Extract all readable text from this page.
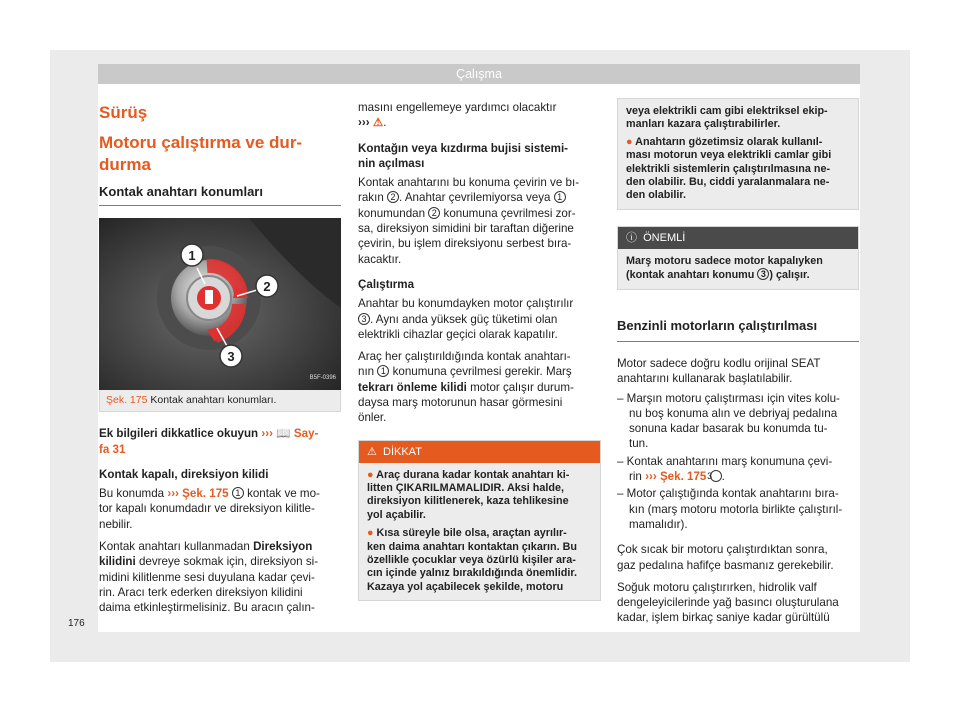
Çalışma
Sürüş
Motoru çalıştırma ve dur-
durma
Kontak anahtarı konumları
1
2
3
B5F-0396
Şek. 175 Kontak anahtarı konumları.

Ek bilgileri dikkatlice okuyun ››› 📖 Say-
fa 31

Kontak kapalı, direksiyon kilidi

Bu konumda ››› Şek. 175 1 kontak ve mo-
tor kapalı konumdadır ve direksiyon kilitle-
nebilir.

Kontak anahtarı kullanmadan Direksiyon
kilidini devreye sokmak için, direksiyon si-
midini kilitlenme sesi duyulana kadar çevi-
rin. Aracı terk ederken direksiyon kilidini
daima etkinleştirmelisiniz. Bu aracın çalın-

masını engellemeye yardımcı olacaktır
››› ⚠.

Kontağın veya kızdırma bujisi sistemi-
nin açılması

Kontak anahtarını bu konuma çevirin ve bı-
rakın 2 . Anahtar çevrilemiyorsa veya 1
konumundan 2 konumuna çevrilmesi zor-
sa, direksiyon simidini bir taraftan diğerine
çevirin, bu işlem direksiyonu serbest bıra-
kacaktır.

Çalıştırma

Anahtar bu konumdayken motor çalıştırılır
3 . Aynı anda yüksek güç tüketimi olan
elektrikli cihazlar geçici olarak kapatılır.

Araç her çalıştırıldığında kontak anahtarı-
nın 1 konumuna çevrilmesi gerekir. Marş
tekrarı önleme kilidi motor çalışır durum-
daysa marş motorunun hasar görmesini
önler.

⚠ DİKKAT
● Araç durana kadar kontak anahtarı ki-
litten ÇIKARILMAMALIDIR. Aksi halde,
direksiyon kilitlenerek, kaza tehlikesine
yol açabilir.
● Kısa süreyle bile olsa, araçtan ayrılır-
ken daima anahtarı kontaktan çıkarın. Bu
özellikle çocuklar veya özürlü kişiler ara-
cın içinde yalnız bırakıldığında önemlidir.
Kazaya yol açabilecek şekilde, motoru
veya elektrikli cam gibi elektriksel ekip-
manları kazara çalıştırabilirler.
● Anahtarın gözetimsiz olarak kullanıl-
ması motorun veya elektrikli camlar gibi
elektrikli sistemlerin çalıştırılmasına ne-
den olabilir. Bu, ciddi yaralanmalara ne-
den olabilir.
ⓘ ÖNEMLİ
Marş motoru sadece motor kapalıyken
(kontak anahtarı konumu 3 ) çalışır.
Benzinli motorların çalıştırılması

Motor sadece doğru kodlu orijinal SEAT
anahtarını kullanarak başlatılabilir.

– Marşın motoru çalıştırması için vites kolu-
nu boş konuma alın ve debriyaj pedalına
sonuna kadar basarak bu konumda tu-
tun.
– Kontak anahtarını marş konumuna çevi-
rin ››› Şek. 175 3 .
– Motor çalıştığında kontak anahtarını bıra-
kın (marş motoru motorla birlikte çalıştırıl-
mamalıdır).

Çok sıcak bir motoru çalıştırdıktan sonra,
gaz pedalına hafifçe basmanız gerekebilir.

Soğuk motoru çalıştırırken, hidrolik valf
dengeleyicilerinde yağ basıncı oluşturulana
kadar, işlem birkaç saniye kadar gürültülü

176
